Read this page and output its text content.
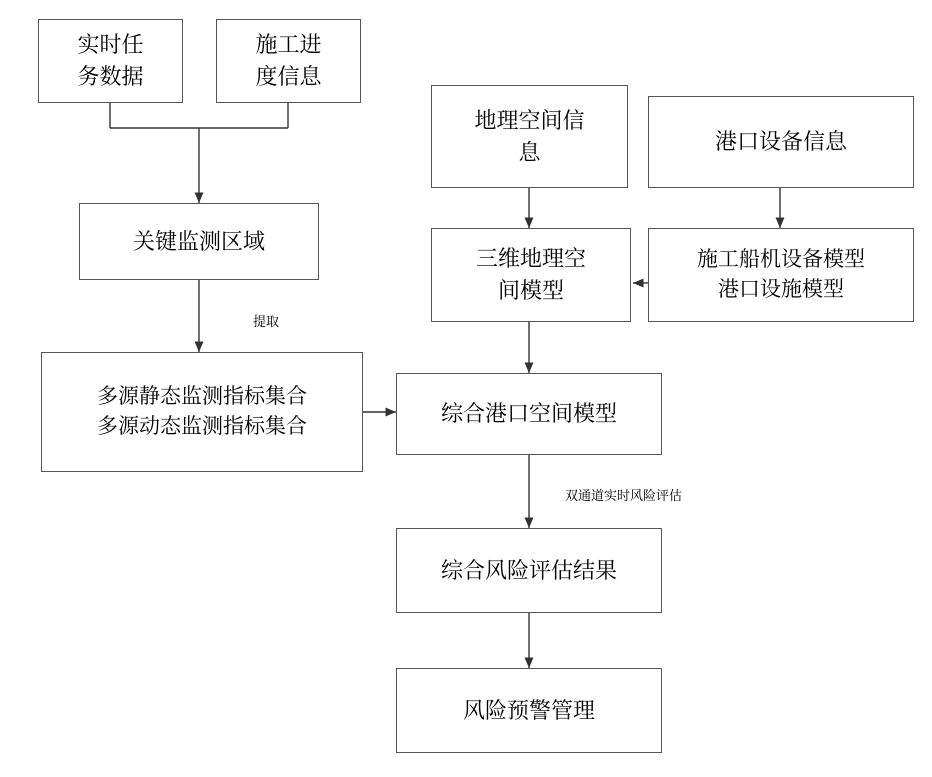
实时任
务数据
施工进
度信息
地理空间信
息	港口设备信息
关键监测区域
三维地理空
间模型
施工船机设备模型
港口设施模型
多源静态监测指标集合
多源动态监测指标集合
综合港口空间模型
综合风险评估结果
风险预警管理
提取
双通道实时风险评估
